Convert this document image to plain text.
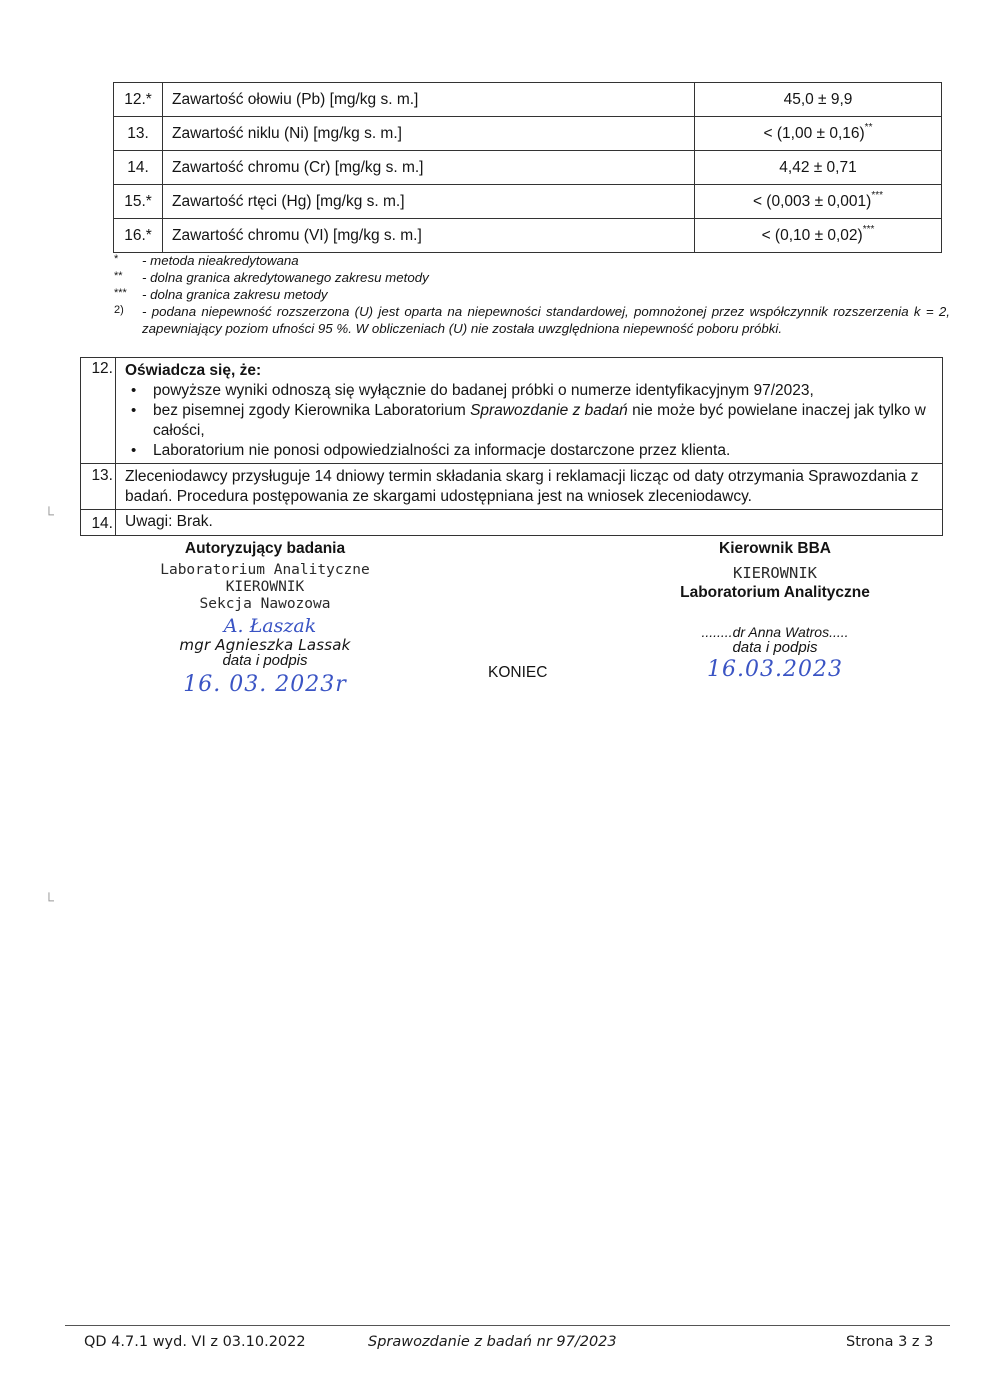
12.*	Zawartość ołowiu (Pb) [mg/kg s. m.]	45,0 ± 9,9
13.	Zawartość niklu (Ni) [mg/kg s. m.]	< (1,00 ± 0,16)**
14.	Zawartość chromu (Cr) [mg/kg s. m.]	4,42 ± 0,71
15.*	Zawartość rtęci (Hg) [mg/kg s. m.]	< (0,003 ± 0,001)***
16.*	Zawartość chromu (VI) [mg/kg s. m.]	< (0,10 ± 0,02)***
*	- metoda nieakredytowana
**	- dolna granica akredytowanego zakresu metody
***	- dolna granica zakresu metody
2)	- podana niepewność rozszerzona (U) jest oparta na niepewności standardowej, pomnożonej przez współczynnik rozszerzenia k = 2, zapewniający poziom ufności 95 %. W obliczeniach (U) nie została uwzględniona niepewność poboru próbki.
12. Oświadcza się, że:
• powyższe wyniki odnoszą się wyłącznie do badanej próbki o numerze identyfikacyjnym 97/2023,
• bez pisemnej zgody Kierownika Laboratorium Sprawozdanie z badań nie może być powielane inaczej jak tylko w całości,
• Laboratorium nie ponosi odpowiedzialności za informacje dostarczone przez klienta.
13. Zleceniodawcy przysługuje 14 dniowy termin składania skarg i reklamacji licząc od daty otrzymania Sprawozdania z badań. Procedura postępowania ze skargami udostępniana jest na wniosek zleceniodawcy.
14. Uwagi: Brak.
Autoryzujący badania
Laboratorium Analityczne
KIEROWNIK
Sekcja Nawozowa
A. Łaszak
mgr Agnieszka Lassak
data i podpis
16. 03. 2023r	KONIEC
Kierownik BBA
KIEROWNIK
Laboratorium Analityczne
........dr Anna Watros.....
data i podpis
16.03.2023
QD 4.7.1 wyd. VI z 03.10.2022	Sprawozdanie z badań nr 97/2023	Strona 3 z 3
└
└
